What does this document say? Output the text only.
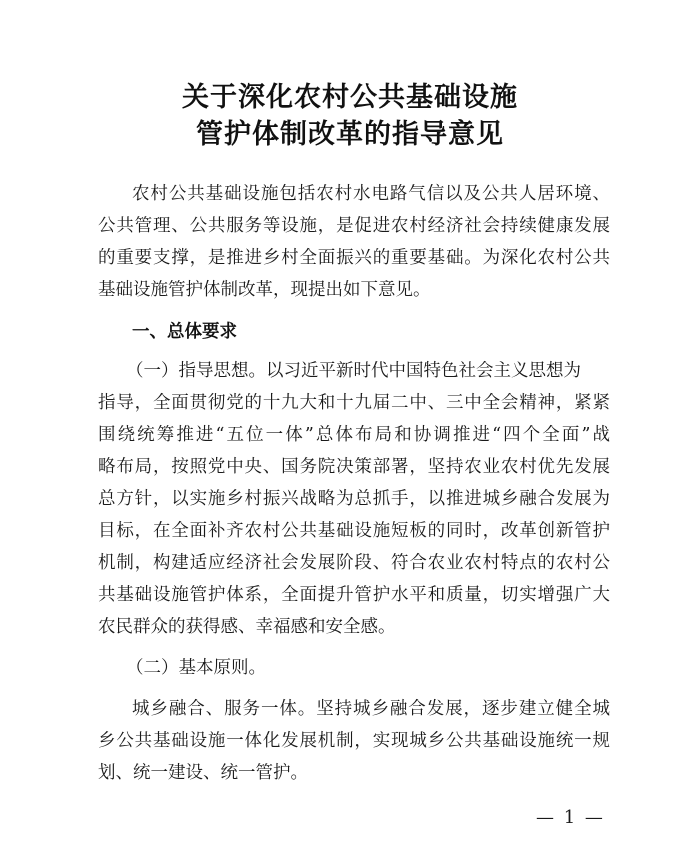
关于深化农村公共基础设施
管护体制改革的指导意见
农村公共基础设施包括农村水电路气信以及公共人居环境、
公共管理、公共服务等设施，是促进农村经济社会持续健康发展
的重要支撑，是推进乡村全面振兴的重要基础。为深化农村公共
基础设施管护体制改革，现提出如下意见。
一、总体要求
（一）指导思想。以习近平新时代中国特色社会主义思想为
指导，全面贯彻党的十九大和十九届二中、三中全会精神，紧紧
围绕统筹推进“五位一体”总体布局和协调推进“四个全面”战
略布局，按照党中央、国务院决策部署，坚持农业农村优先发展
总方针，以实施乡村振兴战略为总抓手，以推进城乡融合发展为
目标，在全面补齐农村公共基础设施短板的同时，改革创新管护
机制，构建适应经济社会发展阶段、符合农业农村特点的农村公
共基础设施管护体系，全面提升管护水平和质量，切实增强广大
农民群众的获得感、幸福感和安全感。
（二）基本原则。
城乡融合、服务一体。坚持城乡融合发展，逐步建立健全城
乡公共基础设施一体化发展机制，实现城乡公共基础设施统一规
划、统一建设、统一管护。
— 1 —
